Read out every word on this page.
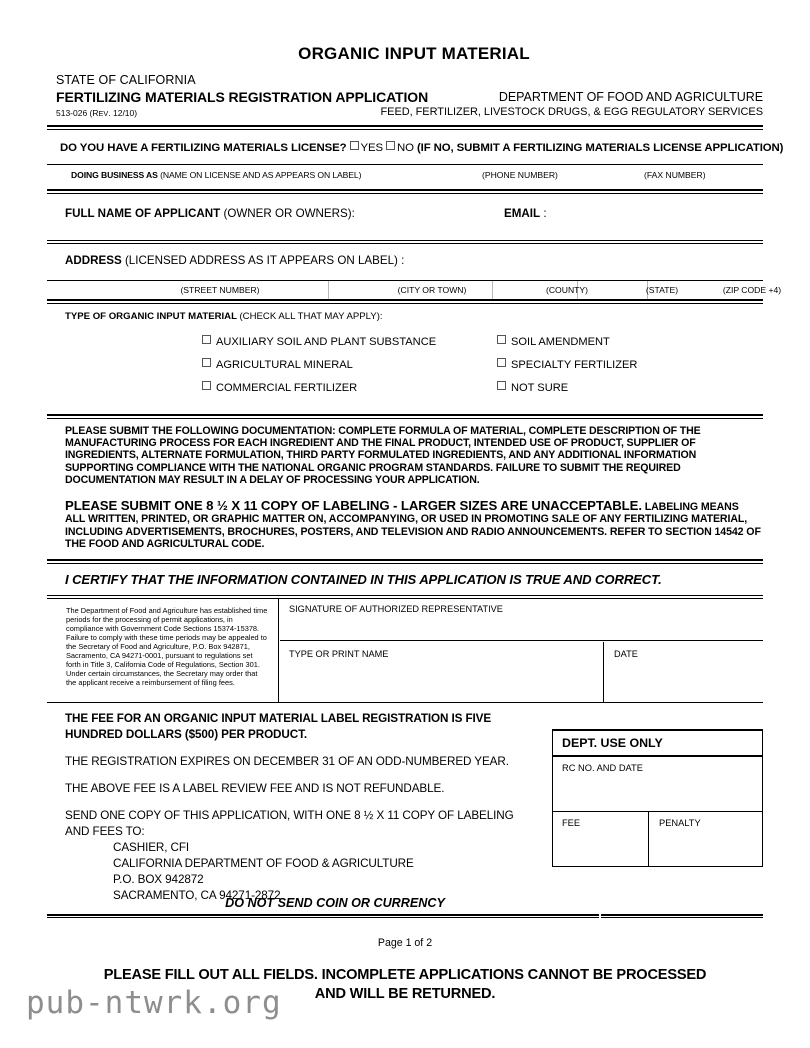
ORGANIC INPUT MATERIAL
STATE OF CALIFORNIA
FERTILIZING MATERIALS REGISTRATION APPLICATION
513-026 (REV. 12/10)
DEPARTMENT OF FOOD AND AGRICULTURE
FEED, FERTILIZER, LIVESTOCK DRUGS, & EGG REGULATORY SERVICES
DO YOU HAVE A FERTILIZING MATERIALS LICENSE? YES NO (IF NO, SUBMIT A FERTILIZING MATERIALS LICENSE APPLICATION)
DOING BUSINESS AS (NAME ON LICENSE AND AS APPEARS ON LABEL)	(PHONE NUMBER)	(FAX NUMBER)
FULL NAME OF APPLICANT (OWNER OR OWNERS):	EMAIL :
ADDRESS (LICENSED ADDRESS AS IT APPEARS ON LABEL) :
(STREET NUMBER)	(CITY OR TOWN)	(COUNTY)	(STATE)	(ZIP CODE +4)
TYPE OF ORGANIC INPUT MATERIAL (CHECK ALL THAT MAY APPLY):
AUXILIARY SOIL AND PLANT SUBSTANCE	SOIL AMENDMENT
AGRICULTURAL MINERAL	SPECIALTY FERTILIZER
COMMERCIAL FERTILIZER	NOT SURE
PLEASE SUBMIT THE FOLLOWING DOCUMENTATION: COMPLETE FORMULA OF MATERIAL, COMPLETE DESCRIPTION OF THE MANUFACTURING PROCESS FOR EACH INGREDIENT AND THE FINAL PRODUCT, INTENDED USE OF PRODUCT, SUPPLIER OF INGREDIENTS, ALTERNATE FORMULATION, THIRD PARTY FORMULATED INGREDIENTS, AND ANY ADDITIONAL INFORMATION SUPPORTING COMPLIANCE WITH THE NATIONAL ORGANIC PROGRAM STANDARDS. FAILURE TO SUBMIT THE REQUIRED DOCUMENTATION MAY RESULT IN A DELAY OF PROCESSING YOUR APPLICATION.
PLEASE SUBMIT ONE 8 ½ X 11 COPY OF LABELING - LARGER SIZES ARE UNACCEPTABLE. LABELING MEANS ALL WRITTEN, PRINTED, OR GRAPHIC MATTER ON, ACCOMPANYING, OR USED IN PROMOTING SALE OF ANY FERTILIZING MATERIAL, INCLUDING ADVERTISEMENTS, BROCHURES, POSTERS, AND TELEVISION AND RADIO ANNOUNCEMENTS. REFER TO SECTION 14542 OF THE FOOD AND AGRICULTURAL CODE.
I CERTIFY THAT THE INFORMATION CONTAINED IN THIS APPLICATION IS TRUE AND CORRECT.
The Department of Food and Agriculture has established time periods for the processing of permit applications, in compliance with Government Code Sections 15374-15378. Failure to comply with these time periods may be appealed to the Secretary of Food and Agriculture, P.O. Box 942871, Sacramento, CA 94271-0001, pursuant to regulations set forth in Title 3, California Code of Regulations, Section 301. Under certain circumstances, the Secretary may order that the applicant receive a reimbursement of filing fees.
SIGNATURE OF AUTHORIZED REPRESENTATIVE
TYPE OR PRINT NAME	DATE
THE FEE FOR AN ORGANIC INPUT MATERIAL LABEL REGISTRATION IS FIVE
HUNDRED DOLLARS ($500) PER PRODUCT.
THE REGISTRATION EXPIRES ON DECEMBER 31 OF AN ODD-NUMBERED YEAR.
THE ABOVE FEE IS A LABEL REVIEW FEE AND IS NOT REFUNDABLE.
SEND ONE COPY OF THIS APPLICATION, WITH ONE 8 ½ X 11 COPY OF LABELING
AND FEES TO:
CASHIER, CFI
CALIFORNIA DEPARTMENT OF FOOD & AGRICULTURE
P.O. BOX 942872
SACRAMENTO, CA 94271-2872
DEPT. USE ONLY
RC NO. AND DATE
FEE	PENALTY
DO NOT SEND COIN OR CURRENCY
Page 1 of 2
PLEASE FILL OUT ALL FIELDS. INCOMPLETE APPLICATIONS CANNOT BE PROCESSED
AND WILL BE RETURNED.
pub-ntwrk.org
